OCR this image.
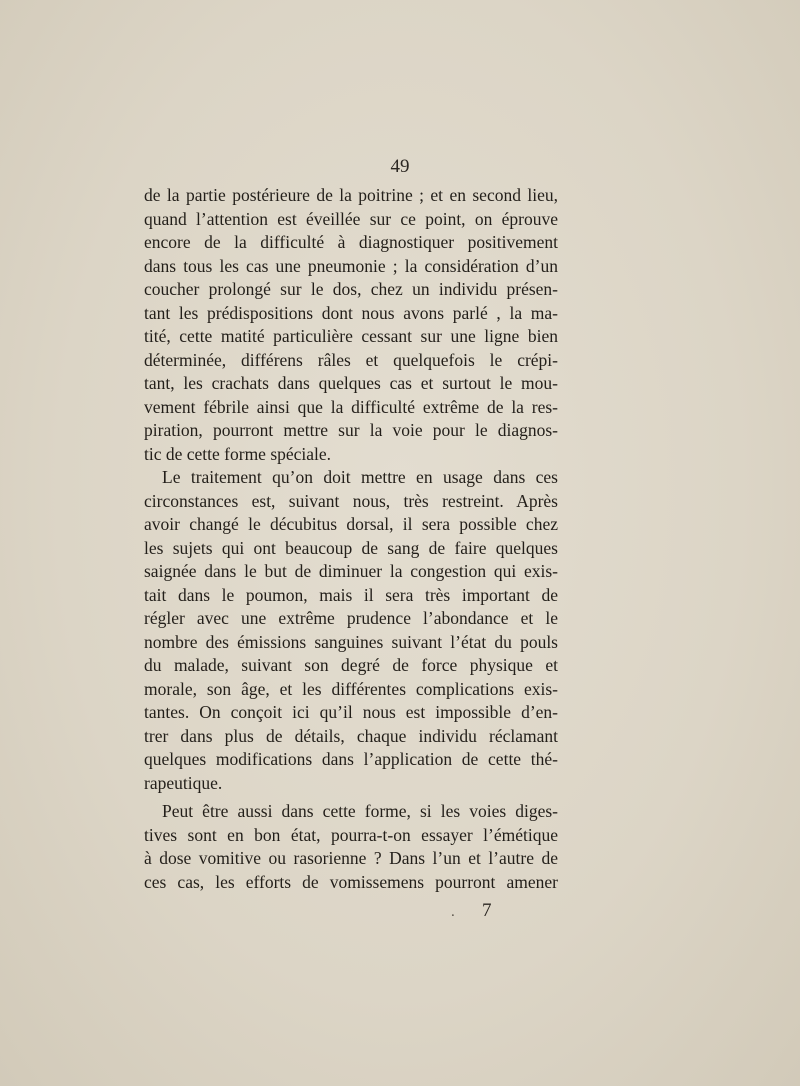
49
de la partie postérieure de la poitrine ; et en second lieu,
quand l’attention est éveillée sur ce point, on éprouve
encore de la difficulté à diagnostiquer positivement
dans tous les cas une pneumonie ; la considération d’un
coucher prolongé sur le dos, chez un individu présen-
tant les prédispositions dont nous avons parlé , la ma-
tité, cette matité particulière cessant sur une ligne bien
déterminée, différens râles et quelquefois le crépi-
tant, les crachats dans quelques cas et surtout le mou-
vement fébrile ainsi que la difficulté extrême de la res-
piration, pourront mettre sur la voie pour le diagnos-
tic de cette forme spéciale.
Le traitement qu’on doit mettre en usage dans ces
circonstances est, suivant nous, très restreint. Après
avoir changé le décubitus dorsal, il sera possible chez
les sujets qui ont beaucoup de sang de faire quelques
saignée dans le but de diminuer la congestion qui exis-
tait dans le poumon, mais il sera très important de
régler avec une extrême prudence l’abondance et le
nombre des émissions sanguines suivant l’état du pouls
du malade, suivant son degré de force physique et
morale, son âge, et les différentes complications exis-
tantes. On conçoit ici qu’il nous est impossible d’en-
trer dans plus de détails, chaque individu réclamant
quelques modifications dans l’application de cette thé-
rapeutique.
Peut être aussi dans cette forme, si les voies diges-
tives sont en bon état, pourra-t-on essayer l’émétique
à dose vomitive ou rasorienne ? Dans l’un et l’autre de
ces cas, les efforts de vomissemens pourront amener
. 7
